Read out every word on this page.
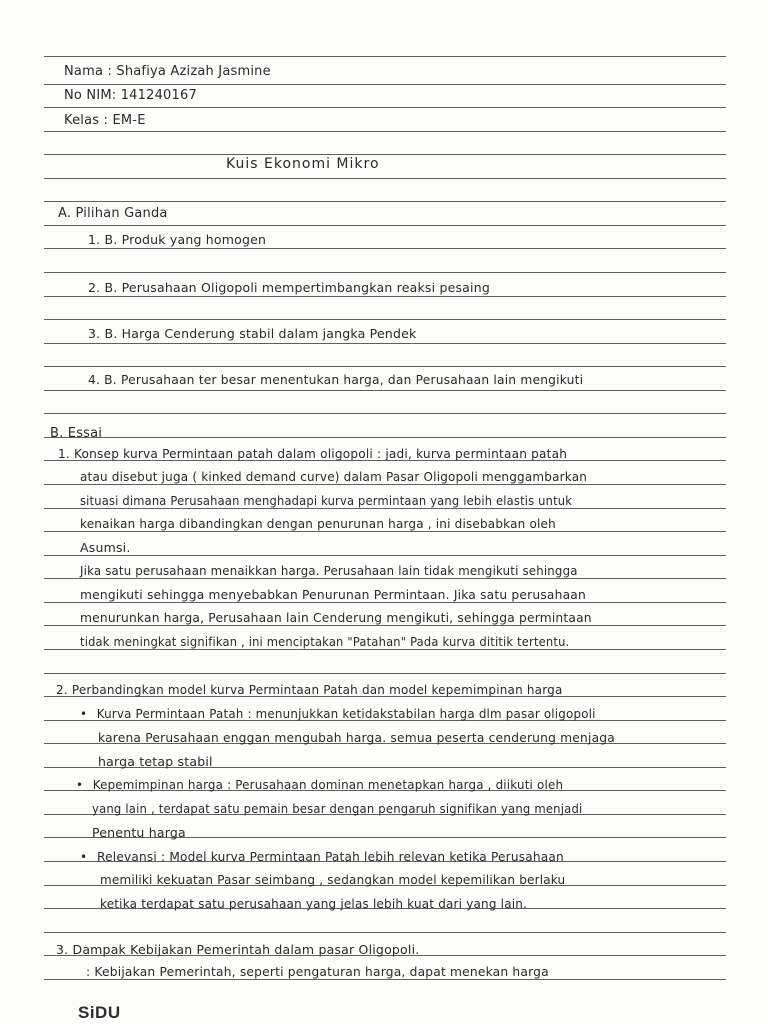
Nama : Shafiya Azizah Jasmine
No NIM: 141240167
Kelas : EM-E
Kuis Ekonomi Mikro
A. Pilihan Ganda
1. B. Produk yang homogen
2. B. Perusahaan Oligopoli mempertimbangkan reaksi pesaing
3. B. Harga Cenderung stabil dalam jangka Pendek
4. B. Perusahaan ter besar menentukan harga, dan Perusahaan lain mengikuti
B. Essai
1. Konsep kurva Permintaan patah dalam oligopoli : jadi, kurva permintaan patah
atau disebut juga ( kinked demand curve) dalam Pasar Oligopoli menggambarkan
situasi dimana Perusahaan menghadapi kurva permintaan yang lebih elastis untuk
kenaikan harga dibandingkan dengan penurunan harga , ini disebabkan oleh
Asumsi.
Jika satu perusahaan menaikkan harga. Perusahaan lain tidak mengikuti sehingga
mengikuti sehingga menyebabkan Penurunan Permintaan. Jika satu perusahaan
menurunkan harga, Perusahaan lain Cenderung mengikuti, sehingga permintaan
tidak meningkat signifikan , ini menciptakan "Patahan" Pada kurva dititik tertentu.
2. Perbandingkan model kurva Permintaan Patah dan model kepemimpinan harga
• Kurva Permintaan Patah : menunjukkan ketidakstabilan harga dlm pasar oligopoli
karena Perusahaan enggan mengubah harga. semua peserta cenderung menjaga
harga tetap stabil
• Kepemimpinan harga : Perusahaan dominan menetapkan harga , diikuti oleh
yang lain , terdapat satu pemain besar dengan pengaruh signifikan yang menjadi
Penentu harga
• Relevansi : Model kurva Permintaan Patah lebih relevan ketika Perusahaan
memiliki kekuatan Pasar seimbang , sedangkan model kepemilikan berlaku
ketika terdapat satu perusahaan yang jelas lebih kuat dari yang lain.
3. Dampak Kebijakan Pemerintah dalam pasar Oligopoli.
: Kebijakan Pemerintah, seperti pengaturan harga, dapat menekan harga
SiDU
